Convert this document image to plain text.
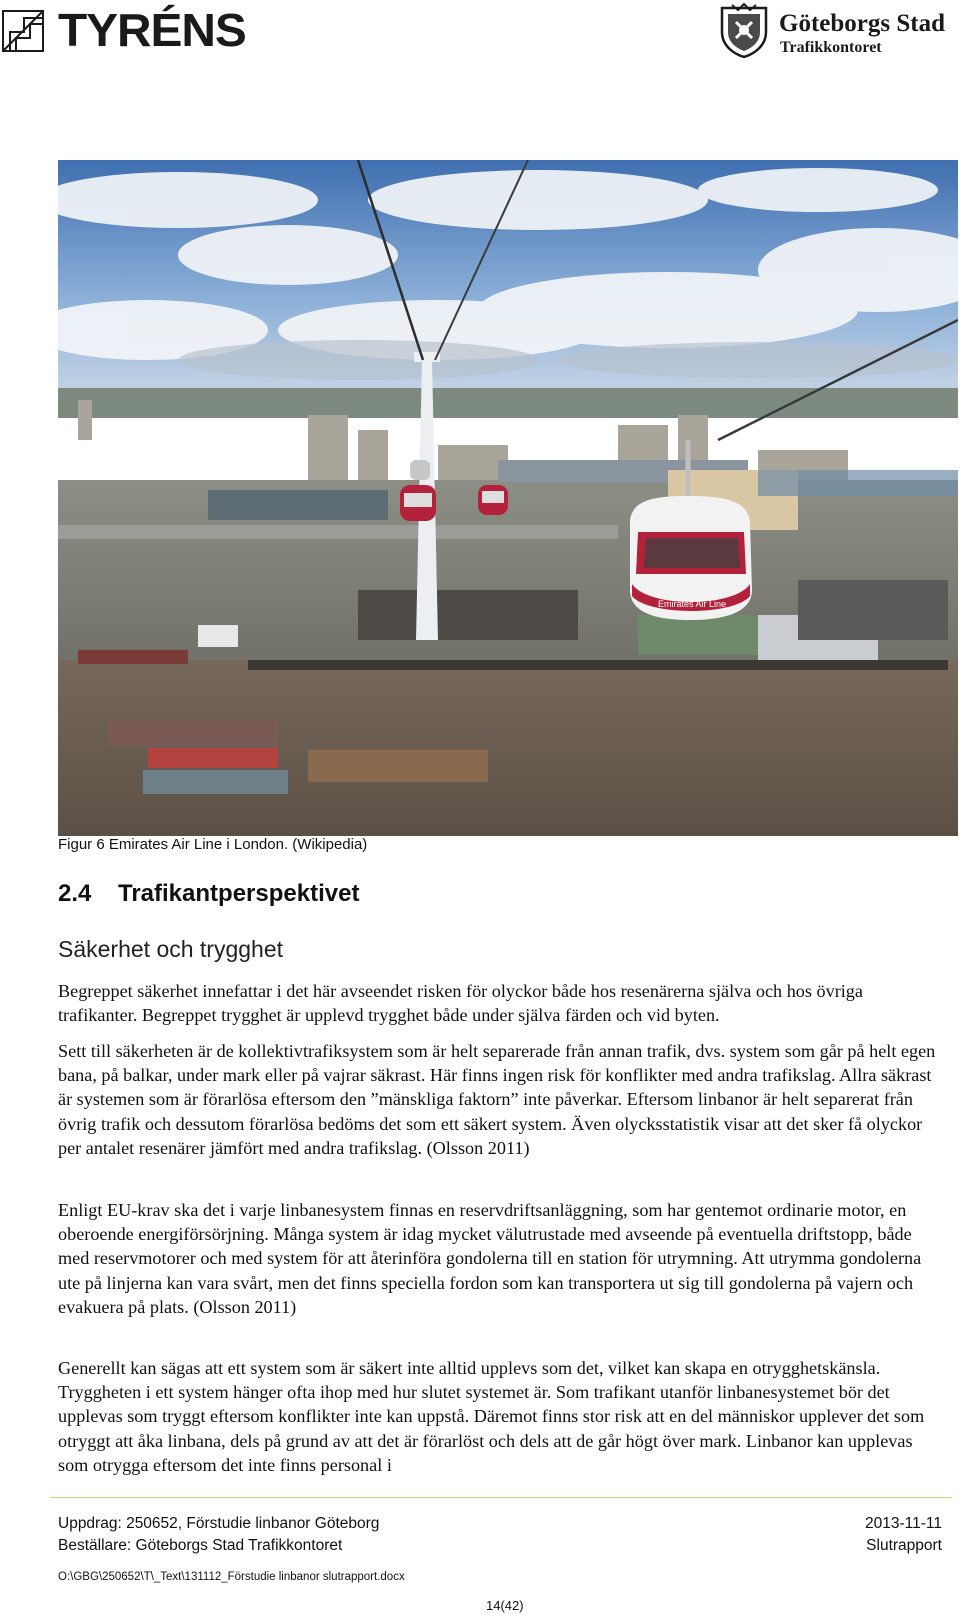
TYRÉNS	Göteborgs Stad
Trafikkontoret
Emirates Air Line
Figur 6 Emirates Air Line i London. (Wikipedia)
2.4 Trafikantperspektivet
Säkerhet och trygghet

Begreppet säkerhet innefattar i det här avseendet risken för olyckor både hos resenärerna själva och hos övriga trafikanter. Begreppet trygghet är upplevd trygghet både under själva färden och vid byten.

Sett till säkerheten är de kollektivtrafiksystem som är helt separerade från annan trafik, dvs. system som går på helt egen bana, på balkar, under mark eller på vajrar säkrast. Här finns ingen risk för konflikter med andra trafikslag. Allra säkrast är systemen som är förarlösa eftersom den ”mänskliga faktorn” inte påverkar. Eftersom linbanor är helt separerat från övrig trafik och dessutom förarlösa bedöms det som ett säkert system. Även olycksstatistik visar att det sker få olyckor per antalet resenärer jämfört med andra trafikslag. (Olsson 2011)

Enligt EU-krav ska det i varje linbanesystem finnas en reservdriftsanläggning, som har gentemot ordinarie motor, en oberoende energiförsörjning. Många system är idag mycket välutrustade med avseende på eventuella driftstopp, både med reservmotorer och med system för att återinföra gondolerna till en station för utrymning. Att utrymma gondolerna ute på linjerna kan vara svårt, men det finns speciella fordon som kan transportera ut sig till gondolerna på vajern och evakuera på plats. (Olsson 2011)

Generellt kan sägas att ett system som är säkert inte alltid upplevs som det, vilket kan skapa en otrygghetskänsla. Tryggheten i ett system hänger ofta ihop med hur slutet systemet är. Som trafikant utanför linbanesystemet bör det upplevas som tryggt eftersom konflikter inte kan uppstå. Däremot finns stor risk att en del människor upplever det som otryggt att åka linbana, dels på grund av att det är förarlöst och dels att de går högt över mark. Linbanor kan upplevas som otrygga eftersom det inte finns personal i

Uppdrag: 250652, Förstudie linbanor Göteborg
Beställare: Göteborgs Stad Trafikkontoret
2013-11-11
Slutrapport
O:\GBG\250652\T\_Text\131112_Förstudie linbanor slutrapport.docx
14(42)
